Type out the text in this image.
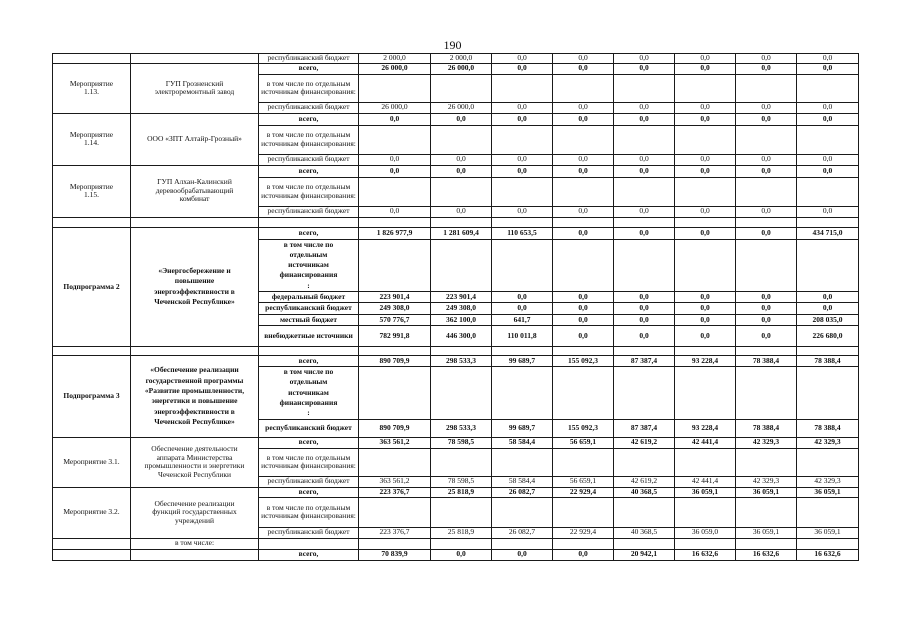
190
		республиканский бюджет	2 000,0	2 000,0	0,0	0,0	0,0	0,0	0,0	0,0
Мероприятие 1.13.	ГУП Грозненский электроремонтный завод	всего,	26 000,0	26 000,0	0,0	0,0	0,0	0,0	0,0	0,0
		в том числе по отдельным источникам финансирования:								
		республиканский бюджет	26 000,0	26 000,0	0,0	0,0	0,0	0,0	0,0	0,0
Мероприятие 1.14.	ООО «ЗПТ Алтайр-Грозный»	всего,	0,0	0,0	0,0	0,0	0,0	0,0	0,0	0,0
		в том числе по отдельным источникам финансирования:								
		республиканский бюджет	0,0	0,0	0,0	0,0	0,0	0,0	0,0	0,0
Мероприятие 1.15.	ГУП Алхан-Калинский деревообрабатывающий комбинат	всего,	0,0	0,0	0,0	0,0	0,0	0,0	0,0	0,0
		в том числе по отдельным источникам финансирования:								
		республиканский бюджет	0,0	0,0	0,0	0,0	0,0	0,0	0,0	0,0

Подпрограмма 2	«Энергосбережение и повышение энергоэффективности в Чеченской Республике»	всего,	1 826 977,9	1 281 609,4	110 653,5	0,0	0,0	0,0	0,0	434 715,0
		в том числе по отдельным источникам финансирования:								
		федеральный бюджет	223 901,4	223 901,4	0,0	0,0	0,0	0,0	0,0	0,0
		республиканский бюджет	249 308,0	249 308,0	0,0	0,0	0,0	0,0	0,0	0,0
		местный бюджет	570 776,7	362 100,0	641,7	0,0	0,0	0,0	0,0	208 035,0
		внебюджетные источники	782 991,8	446 300,0	110 011,8	0,0	0,0	0,0	0,0	226 680,0

Подпрограмма 3	«Обеспечение реализации государственной программы «Развитие промышленности, энергетики и повышение энергоэффективности в Чеченской Республике»	всего,	890 709,9	298 533,3	99 689,7	155 092,3	87 387,4	93 228,4	78 388,4	78 388,4
		в том числе по отдельным источникам финансирования:								
		республиканский бюджет	890 709,9	298 533,3	99 689,7	155 092,3	87 387,4	93 228,4	78 388,4	78 388,4
Мероприятие 3.1.	Обеспечение деятельности аппарата Министерства промышленности и энергетики Чеченской Республики	всего,	363 561,2	78 598,5	58 584,4	56 659,1	42 619,2	42 441,4	42 329,3	42 329,3
		в том числе по отдельным источникам финансирования:								
		республиканский бюджет	363 561,2	78 598,5	58 584,4	56 659,1	42 619,2	42 441,4	42 329,3	42 329,3
Мероприятие 3.2.	Обеспечение реализации функций государственных учреждений	всего,	223 376,7	25 818,9	26 082,7	22 929,4	40 368,5	36 059,1	36 059,1	36 059,1
		в том числе по отдельным источникам финансирования:								
		республиканский бюджет	223 376,7	25 818,9	26 082,7	22 929,4	40 368,5	36 059,0	36 059,1	36 059,1
	в том числе:									
		всего,	70 839,9	0,0	0,0	0,0	20 942,1	16 632,6	16 632,6	16 632,6
